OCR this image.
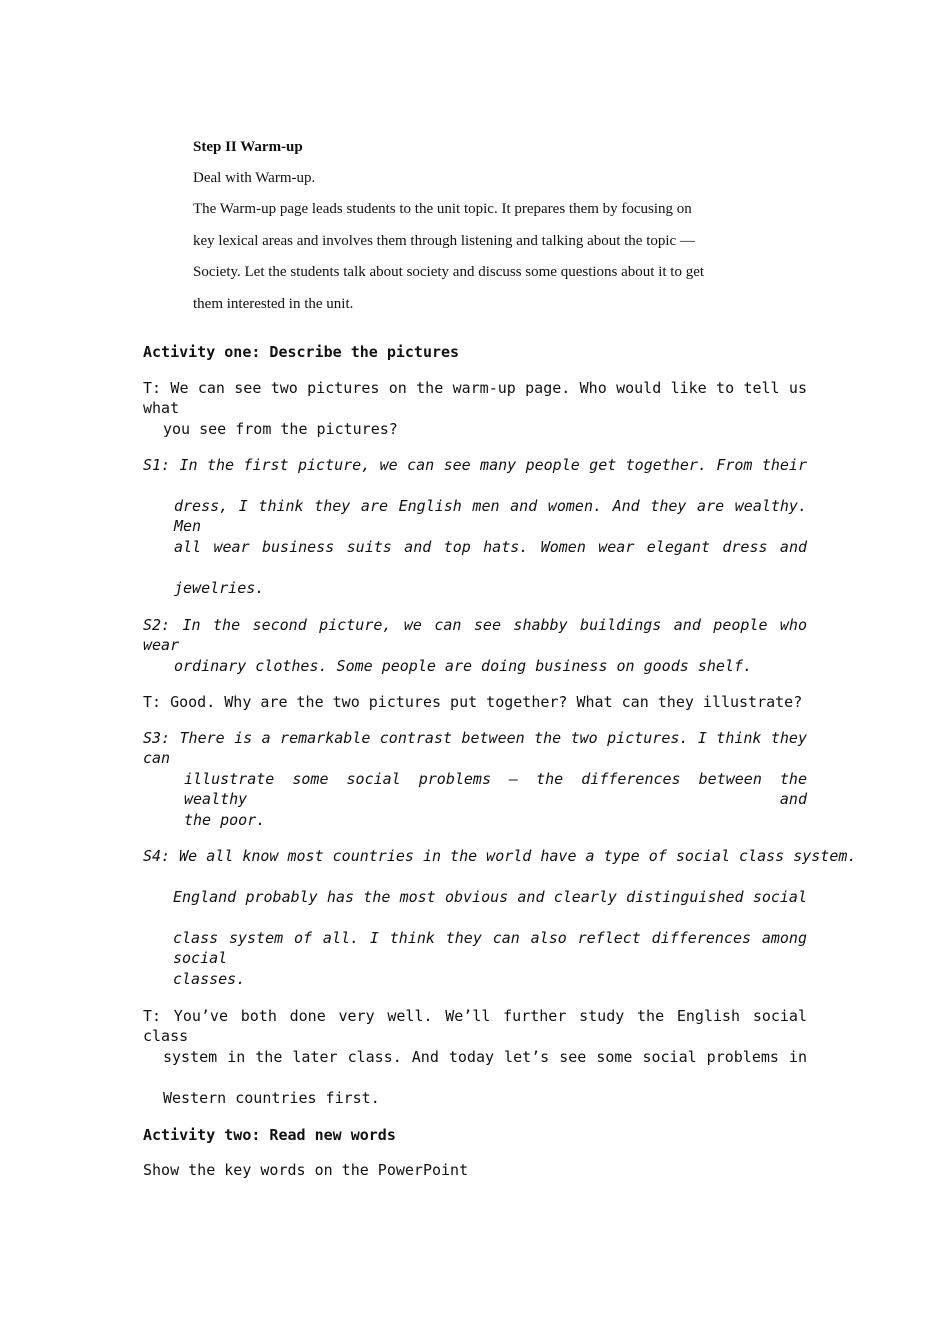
Step II Warm-up

Deal with Warm-up.

The Warm-up page leads students to the unit topic. It prepares them by focusing on
key lexical areas and involves them through listening and talking about the topic —
Society. Let the students talk about society and discuss some questions about it to get
them interested in the unit.
Activity one: Describe the pictures
T: We can see two pictures on the warm-up page. Who would like to tell us what
you see from the pictures?
S1: In the first picture, we can see many people get together. From their
dress, I think they are English men and women. And they are wealthy. Men
all wear business suits and top hats. Women wear elegant dress and
jewelries.
S2: In the second picture, we can see shabby buildings and people who wear
ordinary clothes. Some people are doing business on goods shelf.
T: Good. Why are the two pictures put together? What can they illustrate?
S3: There is a remarkable contrast between the two pictures. I think they can
illustrate some social problems — the differences between the wealthy and
the poor.
S4: We all know most countries in the world have a type of social class system.
England probably has the most obvious and clearly distinguished social
class system of all. I think they can also reflect differences among social
classes.
T: You’ve both done very well. We’ll further study the English social class
system in the later class. And today let’s see some social problems in
Western countries first.
Activity two: Read new words
Show the key words on the PowerPoint
